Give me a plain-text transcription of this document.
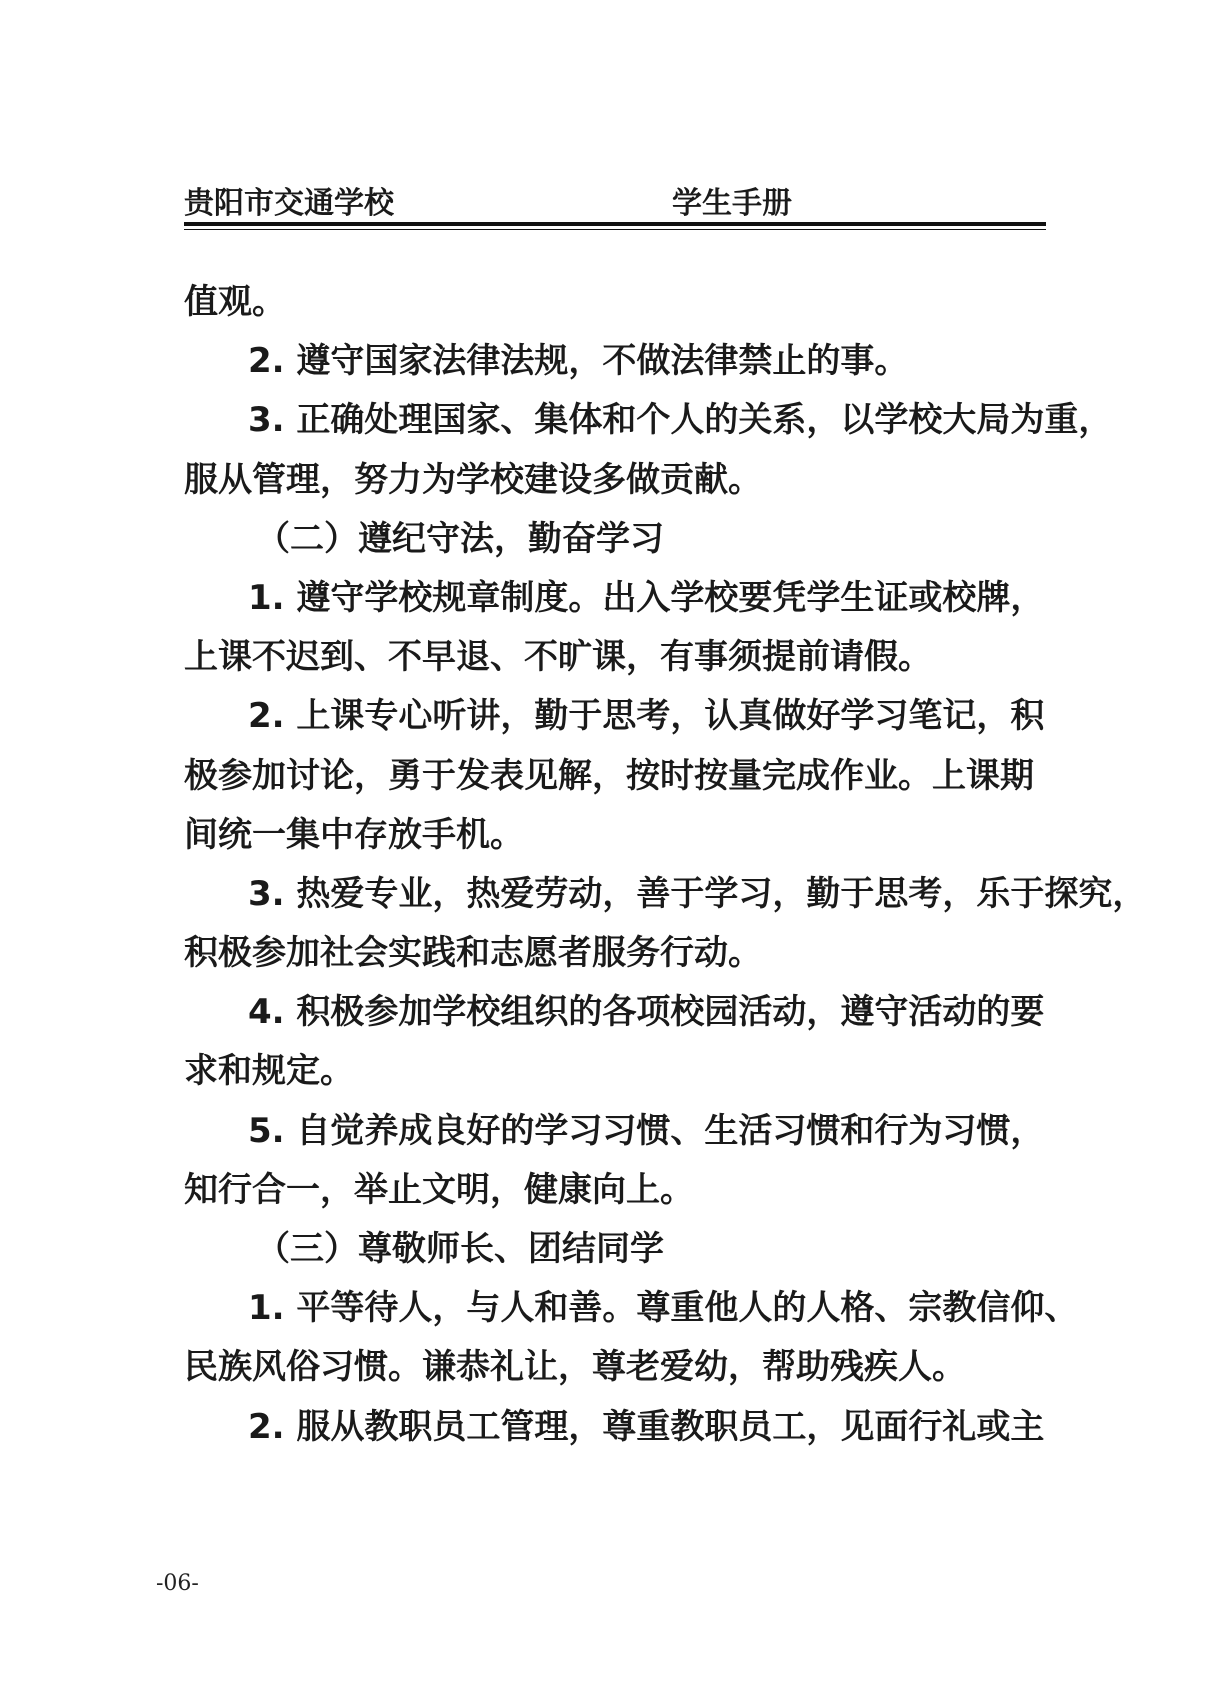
贵阳市交通学校	学生手册
值观。
2. 遵守国家法律法规，不做法律禁止的事。
3. 正确处理国家、集体和个人的关系，以学校大局为重，
服从管理，努力为学校建设多做贡献。
（二）遵纪守法，勤奋学习
1. 遵守学校规章制度。出入学校要凭学生证或校牌，
上课不迟到、不早退、不旷课，有事须提前请假。
2. 上课专心听讲，勤于思考，认真做好学习笔记，积
极参加讨论，勇于发表见解，按时按量完成作业。上课期
间统一集中存放手机。
3. 热爱专业，热爱劳动，善于学习，勤于思考，乐于探究，
积极参加社会实践和志愿者服务行动。
4. 积极参加学校组织的各项校园活动，遵守活动的要
求和规定。
5. 自觉养成良好的学习习惯、生活习惯和行为习惯，
知行合一，举止文明，健康向上。
（三）尊敬师长、团结同学
1. 平等待人，与人和善。尊重他人的人格、宗教信仰、
民族风俗习惯。谦恭礼让，尊老爱幼，帮助残疾人。
2. 服从教职员工管理，尊重教职员工，见面行礼或主
-06-
